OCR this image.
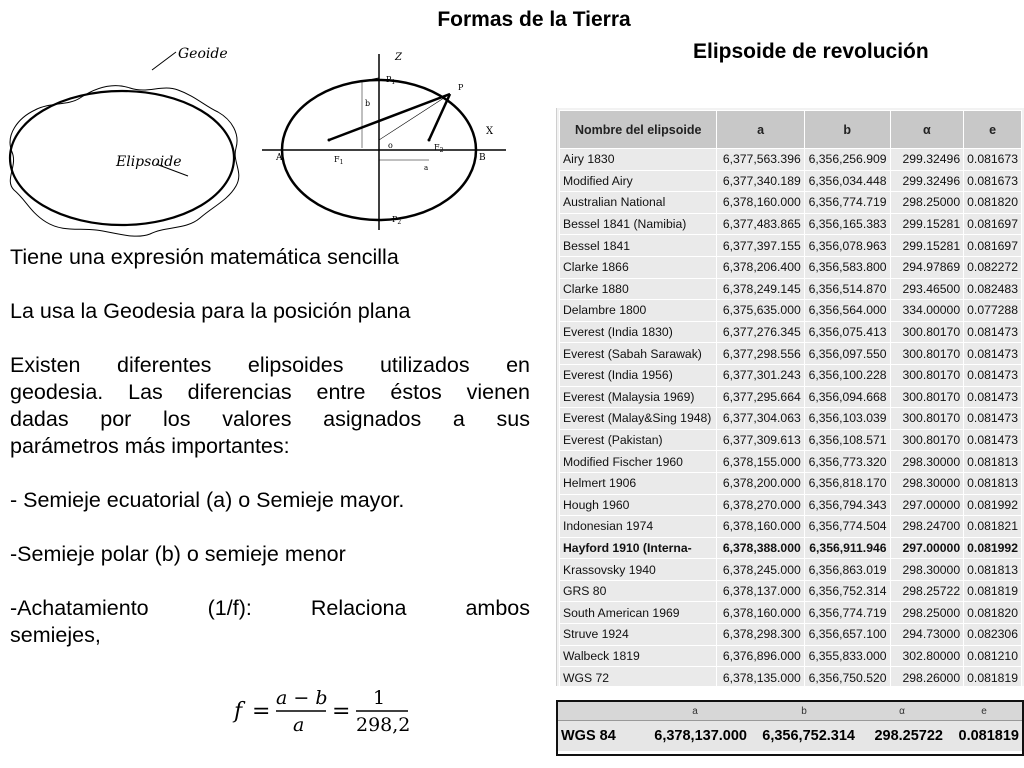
Formas de la Tierra
Elipsoide de revolución
Geoide
Elipsoide
Z
X
$P_1$
$P_2$
P
b
a
o
A	B
$F_1$
$F_2$

Tiene una expresión matemática sencilla

La usa la Geodesia para la posición plana

Existen diferentes elipsoides utilizados en

geodesia. Las diferencias entre éstos vienen

dadas por los valores asignados a sus

parámetros más importantes:

- Semieje ecuatorial (a) o Semieje mayor.

-Semieje polar (b) o semieje menor

-Achatamiento (1/f): Relaciona ambos

semiejes,

f =
a − b
a
=
1
298,2
Nombre del elipsoide	a	b	α	e
Airy 1830	6,377,563.396	6,356,256.909	299.32496	0.081673
Modified Airy	6,377,340.189	6,356,034.448	299.32496	0.081673
Australian National	6,378,160.000	6,356,774.719	298.25000	0.081820
Bessel 1841 (Namibia)	6,377,483.865	6,356,165.383	299.15281	0.081697
Bessel 1841	6,377,397.155	6,356,078.963	299.15281	0.081697
Clarke 1866	6,378,206.400	6,356,583.800	294.97869	0.082272
Clarke 1880	6,378,249.145	6,356,514.870	293.46500	0.082483
Delambre 1800	6,375,635.000	6,356,564.000	334.00000	0.077288
Everest (India 1830)	6,377,276.345	6,356,075.413	300.80170	0.081473
Everest (Sabah Sarawak)	6,377,298.556	6,356,097.550	300.80170	0.081473
Everest (India 1956)	6,377,301.243	6,356,100.228	300.80170	0.081473
Everest (Malaysia 1969)	6,377,295.664	6,356,094.668	300.80170	0.081473
Everest (Malay&Sing 1948)	6,377,304.063	6,356,103.039	300.80170	0.081473
Everest (Pakistan)	6,377,309.613	6,356,108.571	300.80170	0.081473
Modified Fischer 1960	6,378,155.000	6,356,773.320	298.30000	0.081813
Helmert 1906	6,378,200.000	6,356,818.170	298.30000	0.081813
Hough 1960	6,378,270.000	6,356,794.343	297.00000	0.081992
Indonesian 1974	6,378,160.000	6,356,774.504	298.24700	0.081821
Hayford 1910 (Interna-	6,378,388.000	6,356,911.946	297.00000	0.081992
Krassovsky 1940	6,378,245.000	6,356,863.019	298.30000	0.081813
GRS 80	6,378,137.000	6,356,752.314	298.25722	0.081819
South American 1969	6,378,160.000	6,356,774.719	298.25000	0.081820
Struve 1924	6,378,298.300	6,356,657.100	294.73000	0.082306
Walbeck 1819	6,376,896.000	6,355,833.000	302.80000	0.081210
WGS 72	6,378,135.000	6,356,750.520	298.26000	0.081819
	a	b	α	e
WGS 84	6,378,137.000	6,356,752.314	298.25722	0.081819
